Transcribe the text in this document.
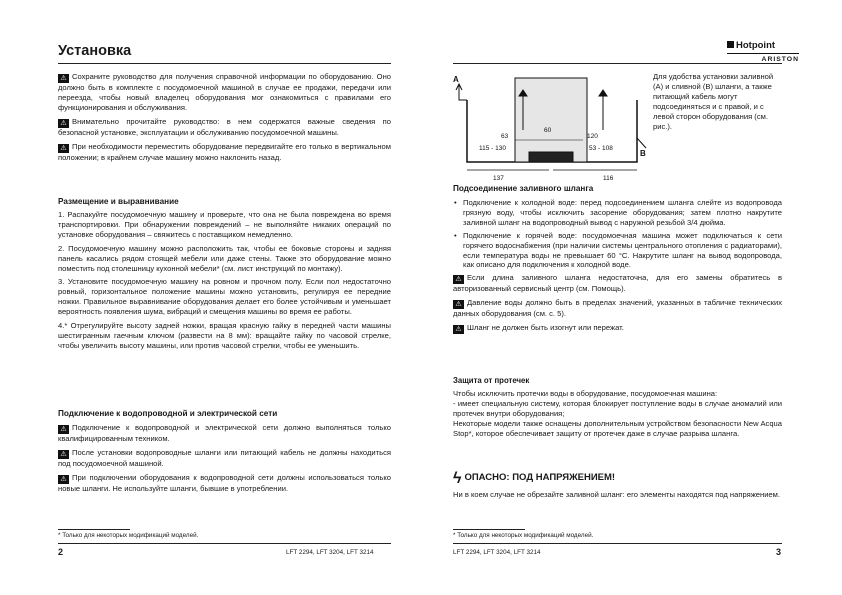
Установка

⚠ Сохраните руководство для получения справочной информации по оборудованию. Оно должно быть в комплекте с посудомоечной машиной в случае ее продажи, передачи или переезда, чтобы новый владелец оборудования мог ознакомиться с правилами его функционирования и обслуживания.

⚠ Внимательно прочитайте руководство: в нем содержатся важные сведения по безопасной установке, эксплуатации и обслуживанию посудомоечной машины.

⚠ При необходимости переместить оборудование передвигайте его только в вертикальном положении; в крайнем случае машину можно наклонить назад.

Размещение и выравнивание

1. Распакуйте посудомоечную машину и проверьте, что она не была повреждена во время транспортировки. При обнаружении повреждений – не выполняйте никаких операций по установке оборудования – свяжитесь с поставщиком немедленно.

2. Посудомоечную машину можно расположить так, чтобы ее боковые стороны и задняя панель касались рядом стоящей мебели или даже стены. Также это оборудование можно поместить под столешницу кухонной мебели* (см. лист инструкций по монтажу).

3. Установите посудомоечную машину на ровном и прочном полу. Если пол недостаточно ровный, горизонтальное положение машины можно установить, регулируя ее передние ножки. Правильное выравнивание оборудования делает его более устойчивым и уменьшает вероятность появления шума, вибраций и смещения машины во время ее работы.

4.* Отрегулируйте высоту задней ножки, вращая красную гайку в передней части машины шестигранным гаечным ключом (развести на 8 мм): вращайте гайку по часовой стрелке, чтобы увеличить высоту машины, или против часовой стрелки, чтобы ее уменьшить.

Подключение к водопроводной и электрической сети

⚠ Подключение к водопроводной и электрической сети должно выполняться только квалифицированным техником.

⚠ После установки водопроводные шланги или питающий кабель не должны находиться под посудомоечной машиной.

⚠ При подключении оборудования к водопроводной сети должны использоваться только новые шланги. Не используйте шланги, бывшие в употреблении.

* Только для некоторых модификаций моделей.
2	LFT 2294, LFT 3204, LFT 3214
Hotpoint
ARISTON
A
B
60
63	120
115 - 130	53 - 108
137	116
Для удобства установки заливной (A) и сливной (B) шланги, а также питающий кабель могут подсоединяться и с правой, и с левой сторон оборудования (см. рис.).
Подсоединение заливного шланга
• Подключение к холодной воде: перед подсоединением шланга слейте из водопровода грязную воду, чтобы исключить засорение оборудования; затем плотно накрутите заливной шланг на водопроводный вывод с наружной резьбой 3/4 дюйма.
• Подключение к горячей воде: посудомоечная машина может подключаться к сети горячего водоснабжения (при наличии системы центрального отопления с радиаторами), если температура воды не превышает 60 °C. Накрутите шланг на вывод водопровода, как описано для подключения к холодной воде.

⚠ Если длина заливного шланга недостаточна, для его замены обратитесь в авторизованный сервисный центр (см. Помощь).

⚠ Давление воды должно быть в пределах значений, указанных в табличке технических данных оборудования (см. с. 5).

⚠ Шланг не должен быть изогнут или пережат.

Защита от протечек

Чтобы исключить протечки воды в оборудование, посудомоечная машина:

- имеет специальную систему, которая блокирует поступление воды в случае аномалий или протечек внутри оборудования;

Некоторые модели также оснащены дополнительным устройством безопасности New Acqua Stop*, которое обеспечивает защиту от протечек даже в случае разрыва шланга.

ϟОПАСНО: ПОД НАПРЯЖЕНИЕМ!
Ни в коем случае не обрезайте заливной шланг: его элементы находятся под напряжением.
* Только для некоторых модификаций моделей.
LFT 2294, LFT 3204, LFT 3214	3
